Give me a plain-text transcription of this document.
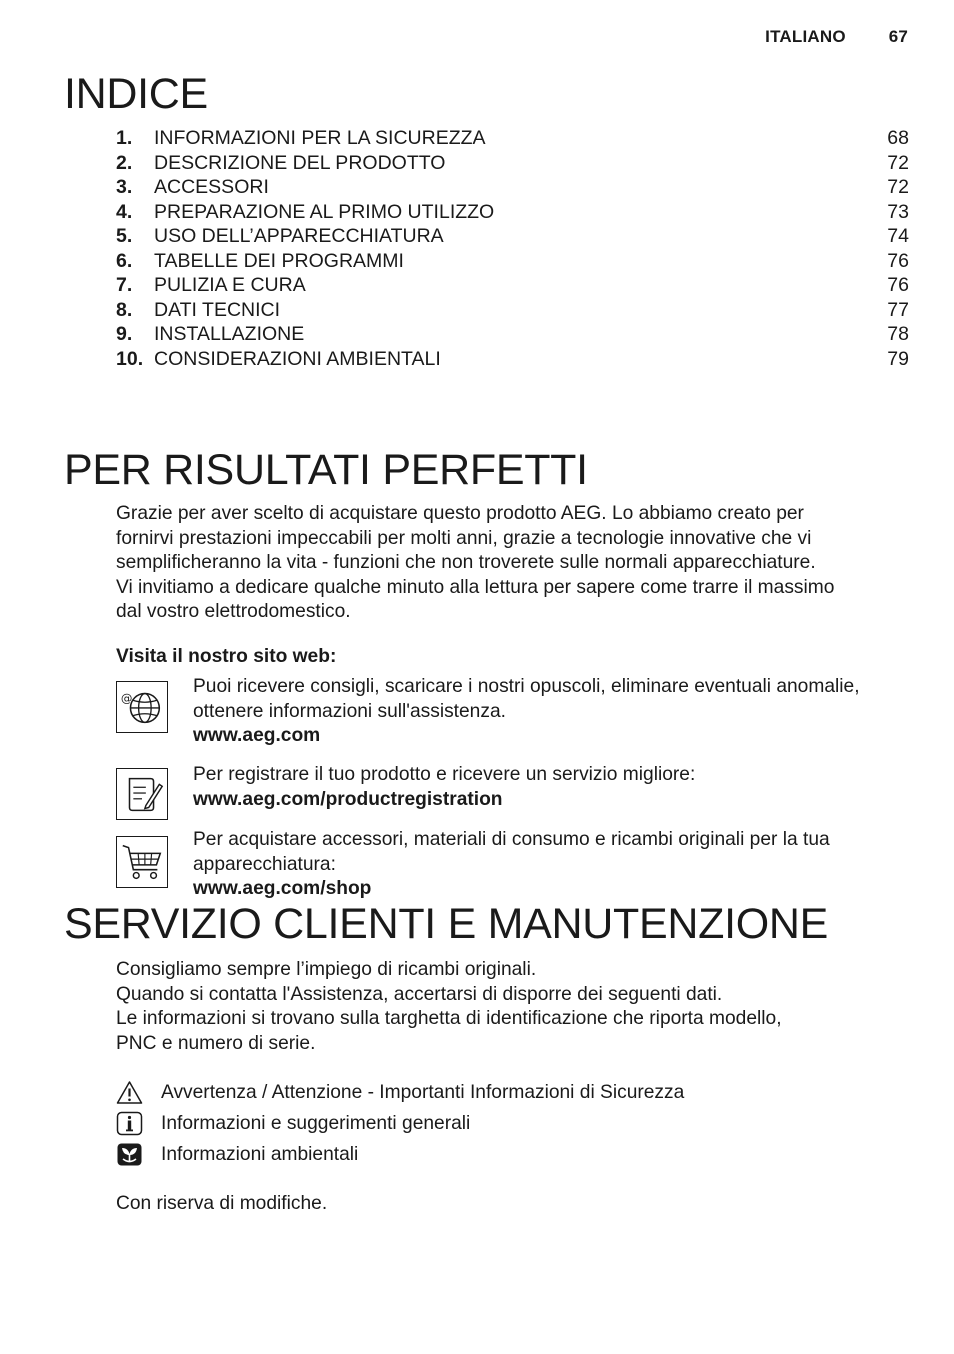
ITALIANO	67
INDICE
1.	INFORMAZIONI PER LA SICUREZZA	68
2.	DESCRIZIONE DEL PRODOTTO	72
3.	ACCESSORI	72
4.	PREPARAZIONE AL PRIMO UTILIZZO	73
5.	USO DELL’APPARECCHIATURA	74
6.	TABELLE DEI PROGRAMMI	76
7.	PULIZIA E CURA	76
8.	DATI TECNICI	77
9.	INSTALLAZIONE	78
10. CONSIDERAZIONI AMBIENTALI	79
PER RISULTATI PERFETTI
Grazie per aver scelto di acquistare questo prodotto AEG. Lo abbiamo creato per
fornirvi prestazioni impeccabili per molti anni, grazie a tecnologie innovative che vi
semplificheranno la vita - funzioni che non troverete sulle normali apparecchiature.
Vi invitiamo a dedicare qualche minuto alla lettura per sapere come trarre il massimo
dal vostro elettrodomestico.
Visita il nostro sito web:
@
Puoi ricevere consigli, scaricare i nostri opuscoli, eliminare eventuali anomalie,
ottenere informazioni sull'assistenza.
www.aeg.com
Per registrare il tuo prodotto e ricevere un servizio migliore:
www.aeg.com/productregistration
Per acquistare accessori, materiali di consumo e ricambi originali per la tua
apparecchiatura:
www.aeg.com/shop
SERVIZIO CLIENTI E MANUTENZIONE
Consigliamo sempre l’impiego di ricambi originali.
Quando si contatta l'Assistenza, accertarsi di disporre dei seguenti dati.
Le informazioni si trovano sulla targhetta di identificazione che riporta modello,
PNC e numero di serie.
Avvertenza / Attenzione - Importanti Informazioni di Sicurezza
Informazioni e suggerimenti generali
Informazioni ambientali
Con riserva di modifiche.
